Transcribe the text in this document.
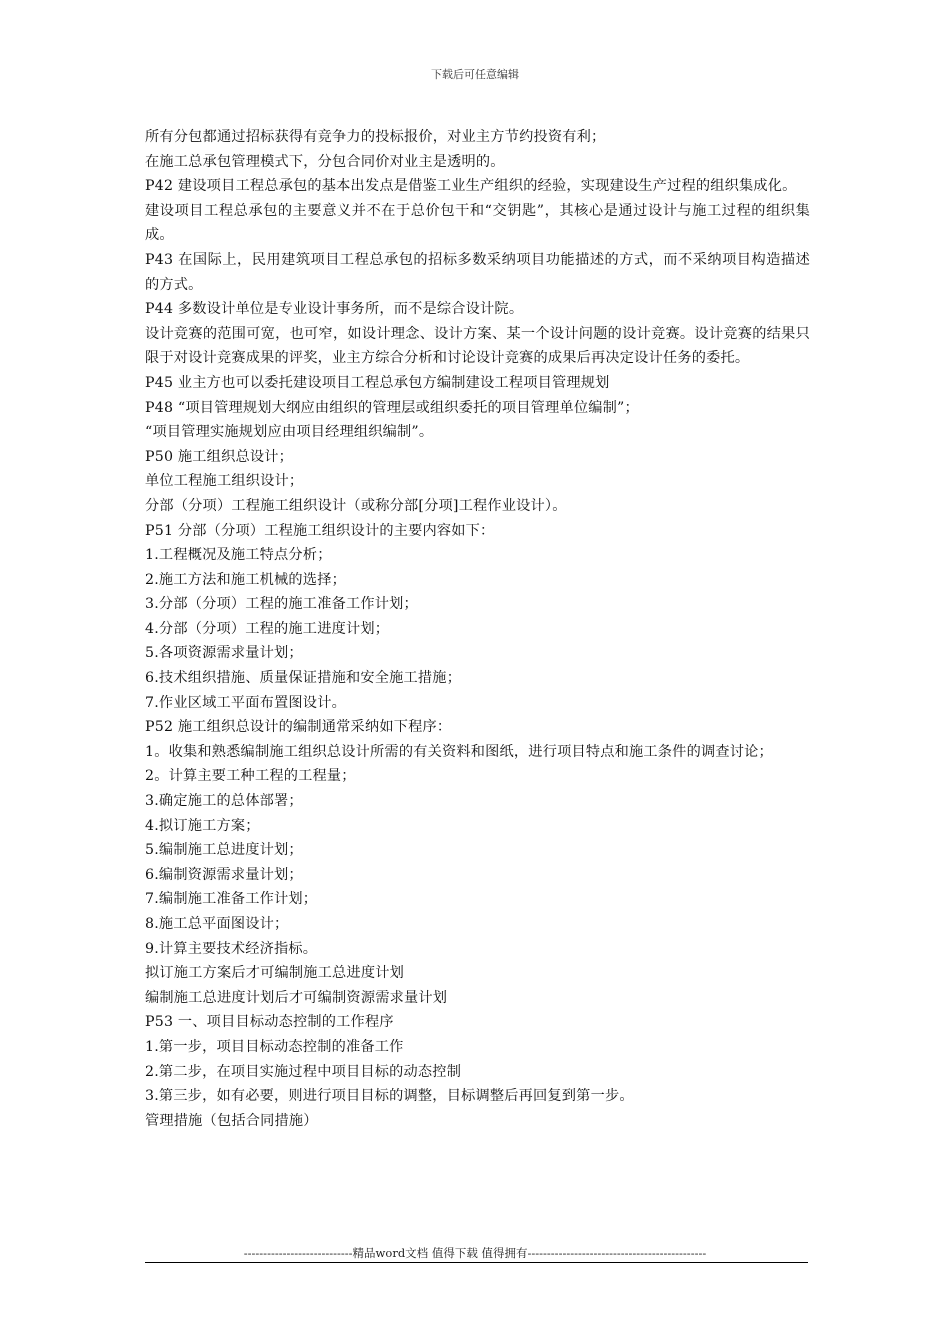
下载后可任意编辑

所有分包都通过招标获得有竞争力的投标报价，对业主方节约投资有利；

在施工总承包管理模式下，分包合同价对业主是透明的。

P42 建设项目工程总承包的基本出发点是借鉴工业生产组织的经验，实现建设生产过程的组织集成化。

建设项目工程总承包的主要意义并不在于总价包干和“交钥匙”，其核心是通过设计与施工过程的组织集成。

P43 在国际上，民用建筑项目工程总承包的招标多数采纳项目功能描述的方式，而不采纳项目构造描述的方式。

P44 多数设计单位是专业设计事务所，而不是综合设计院。

设计竞赛的范围可宽，也可窄，如设计理念、设计方案、某一个设计问题的设计竞赛。设计竞赛的结果只限于对设计竞赛成果的评奖，业主方综合分析和讨论设计竞赛的成果后再决定设计任务的委托。

P45 业主方也可以委托建设项目工程总承包方编制建设工程项目管理规划

P48 “项目管理规划大纲应由组织的管理层或组织委托的项目管理单位编制”；

“项目管理实施规划应由项目经理组织编制”。

P50 施工组织总设计；

单位工程施工组织设计；

分部（分项）工程施工组织设计（或称分部[分项]工程作业设计）。

P51 分部（分项）工程施工组织设计的主要内容如下：

1.工程概况及施工特点分析；

2.施工方法和施工机械的选择；

3.分部（分项）工程的施工准备工作计划；

4.分部（分项）工程的施工进度计划；

5.各项资源需求量计划；

6.技术组织措施、质量保证措施和安全施工措施；

7.作业区域工平面布置图设计。

P52 施工组织总设计的编制通常采纳如下程序：

1。收集和熟悉编制施工组织总设计所需的有关资料和图纸，进行项目特点和施工条件的调查讨论；

2。计算主要工种工程的工程量；

3.确定施工的总体部署；

4.拟订施工方案；

5.编制施工总进度计划；

6.编制资源需求量计划；

7.编制施工准备工作计划；

8.施工总平面图设计；

9.计算主要技术经济指标。

拟订施工方案后才可编制施工总进度计划

编制施工总进度计划后才可编制资源需求量计划

P53 一、项目目标动态控制的工作程序

1.第一步，项目目标动态控制的准备工作

2.第二步，在项目实施过程中项目目标的动态控制

3.第三步，如有必要，则进行项目目标的调整，目标调整后再回复到第一步。

管理措施（包括合同措施）

----------------------------精品word文档 值得下载 值得拥有----------------------------------------------
